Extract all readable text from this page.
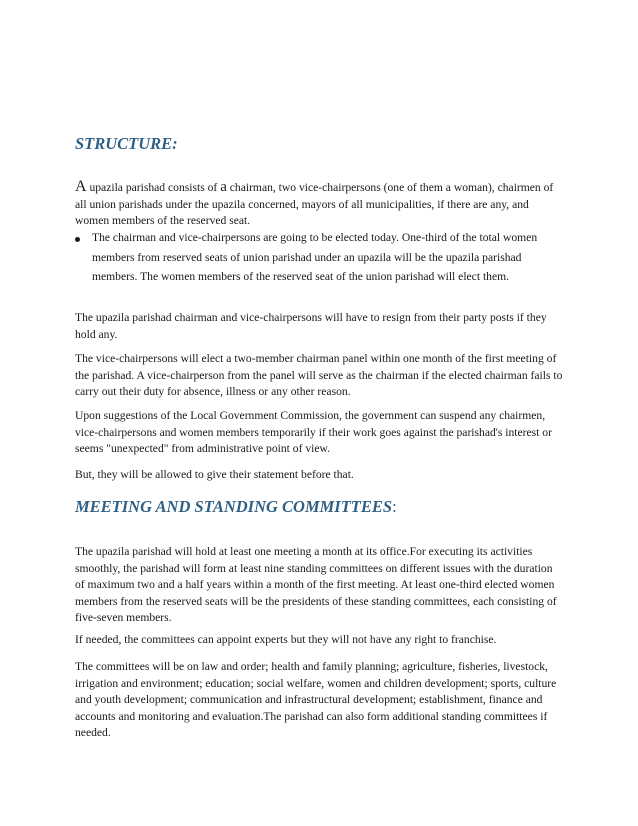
STRUCTURE:

A upazila parishad consists of a chairman, two vice-chairpersons (one of them a woman), chairmen of all union parishads under the upazila concerned, mayors of all municipalities, if there are any, and women members of the reserved seat.

The chairman and vice-chairpersons are going to be elected today. One-third of the total women members from reserved seats of union parishad under an upazila will be the upazila parishad members. The women members of the reserved seat of the union parishad will elect them.

The upazila parishad chairman and vice-chairpersons will have to resign from their party posts if they hold any.

The vice-chairpersons will elect a two-member chairman panel within one month of the first meeting of the parishad. A vice-chairperson from the panel will serve as the chairman if the elected chairman fails to carry out their duty for absence, illness or any other reason.

Upon suggestions of the Local Government Commission, the government can suspend any chairmen, vice-chairpersons and women members temporarily if their work goes against the parishad's interest or seems "unexpected" from administrative point of view.

But, they will be allowed to give their statement before that.

MEETING AND STANDING COMMITTEES:

The upazila parishad will hold at least one meeting a month at its office.For executing its activities smoothly, the parishad will form at least nine standing committees on different issues with the duration of maximum two and a half years within a month of the first meeting. At least one-third elected women members from the reserved seats will be the presidents of these standing committees, each consisting of five-seven members.

If needed, the committees can appoint experts but they will not have any right to franchise.

The committees will be on law and order; health and family planning; agriculture, fisheries, livestock, irrigation and environment; education; social welfare, women and children development; sports, culture and youth development; communication and infrastructural development; establishment, finance and accounts and monitoring and evaluation.The parishad can also form additional standing committees if needed.
